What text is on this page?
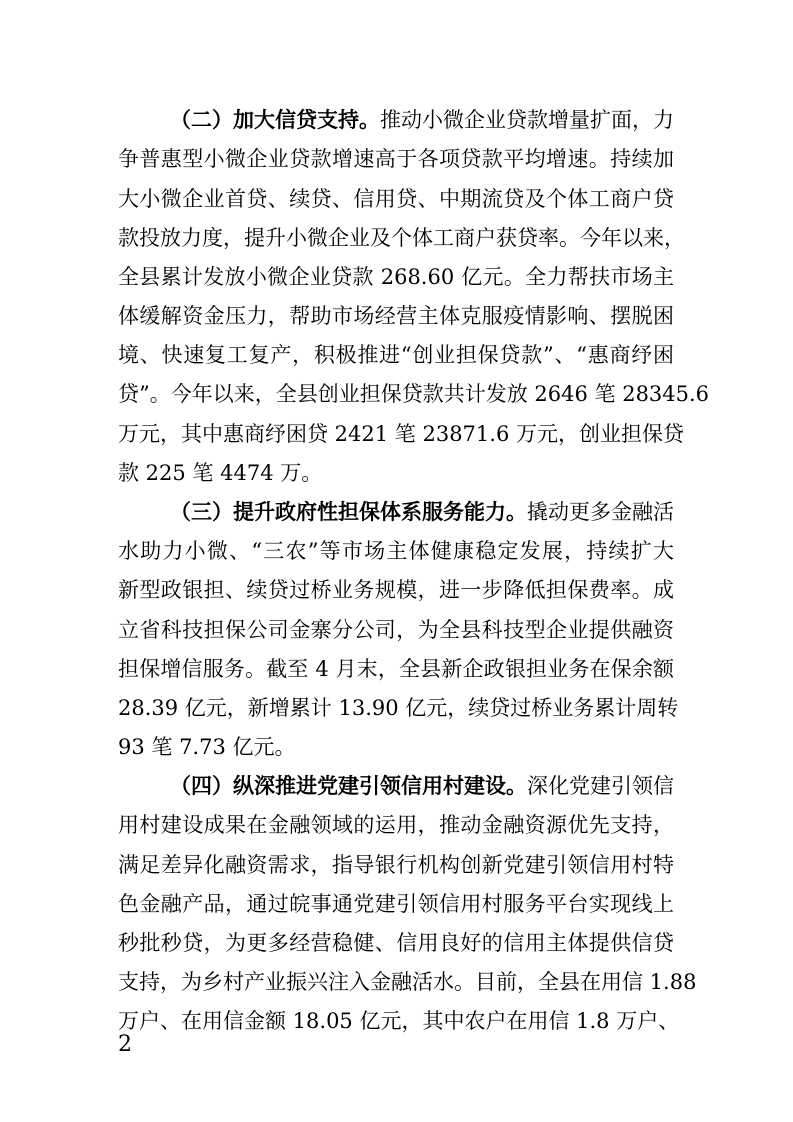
（二）加大信贷支持。推动小微企业贷款增量扩面，力
争普惠型小微企业贷款增速高于各项贷款平均增速。持续加
大小微企业首贷、续贷、信用贷、中期流贷及个体工商户贷
款投放力度，提升小微企业及个体工商户获贷率。今年以来，
全县累计发放小微企业贷款 268.60 亿元。全力帮扶市场主
体缓解资金压力，帮助市场经营主体克服疫情影响、摆脱困
境、快速复工复产，积极推进“创业担保贷款”、“惠商纾困
贷”。今年以来，全县创业担保贷款共计发放 2646 笔 28345.6
万元，其中惠商纾困贷 2421 笔 23871.6 万元，创业担保贷
款 225 笔 4474 万。
（三）提升政府性担保体系服务能力。撬动更多金融活
水助力小微、“三农”等市场主体健康稳定发展，持续扩大
新型政银担、续贷过桥业务规模，进一步降低担保费率。成
立省科技担保公司金寨分公司，为全县科技型企业提供融资
担保增信服务。截至 4 月末，全县新企政银担业务在保余额
28.39 亿元，新增累计 13.90 亿元，续贷过桥业务累计周转
93 笔 7.73 亿元。
（四）纵深推进党建引领信用村建设。深化党建引领信
用村建设成果在金融领域的运用，推动金融资源优先支持，
满足差异化融资需求，指导银行机构创新党建引领信用村特
色金融产品，通过皖事通党建引领信用村服务平台实现线上
秒批秒贷，为更多经营稳健、信用良好的信用主体提供信贷
支持，为乡村产业振兴注入金融活水。目前，全县在用信 1.88
万户、在用信金额 18.05 亿元，其中农户在用信 1.8 万户、
2
